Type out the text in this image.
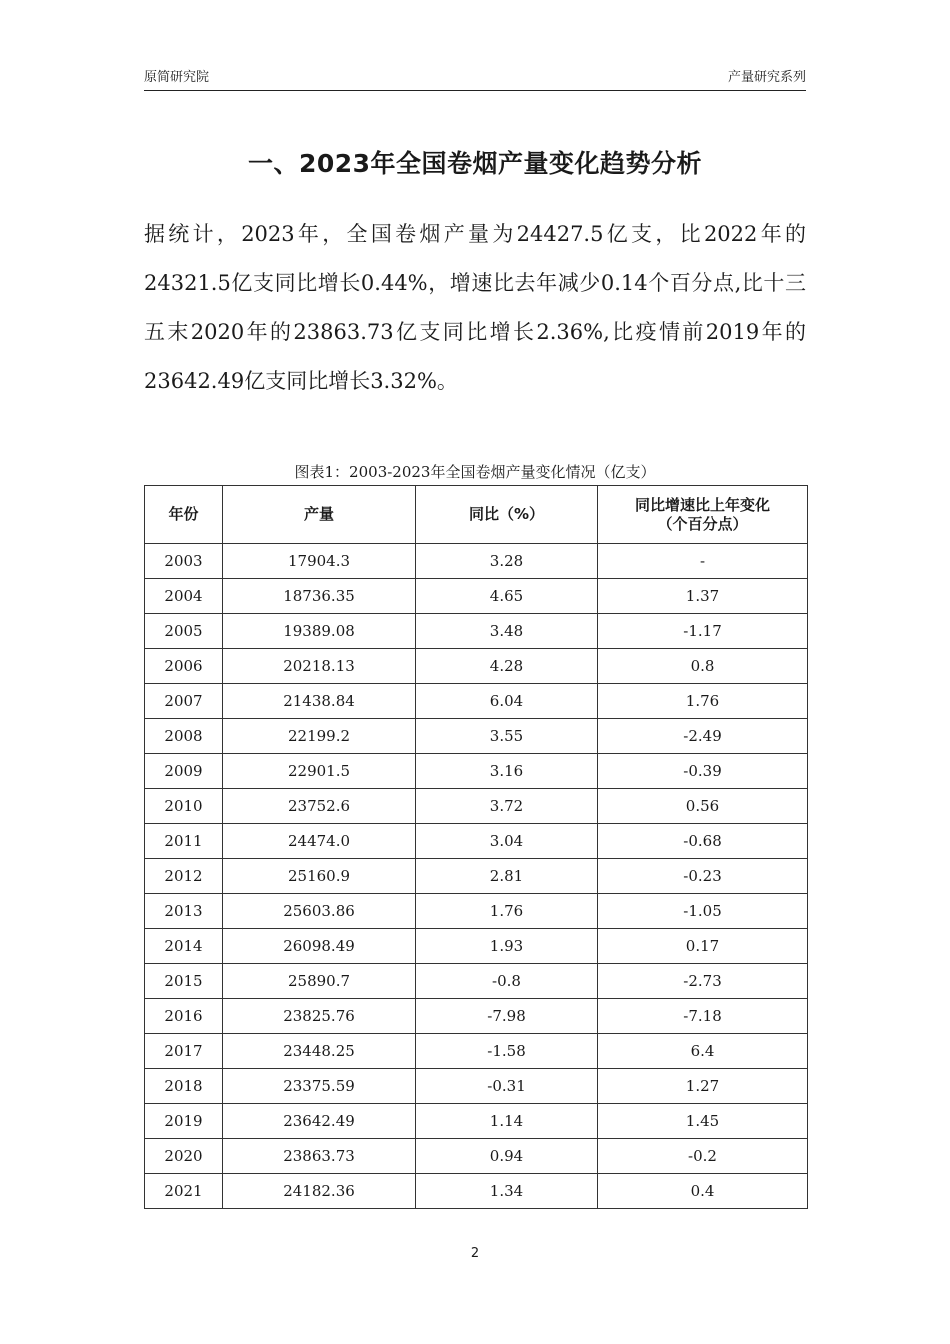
原简研究院	产量研究系列
一、2023年全国卷烟产量变化趋势分析

据统计，2023年，全国卷烟产量为24427.5亿支，比2022年的24321.5亿支同比增长0.44%，增速比去年减少0.14个百分点,比十三五末2020年的23863.73亿支同比增长2.36%,比疫情前2019年的23642.49亿支同比增长3.32%。

图表1：2003-2023年全国卷烟产量变化情况（亿支）
年份	产量	同比（%）	同比增速比上年变化
（个百分点）
2003	17904.3	3.28	-
2004	18736.35	4.65	1.37
2005	19389.08	3.48	-1.17
2006	20218.13	4.28	0.8
2007	21438.84	6.04	1.76
2008	22199.2	3.55	-2.49
2009	22901.5	3.16	-0.39
2010	23752.6	3.72	0.56
2011	24474.0	3.04	-0.68
2012	25160.9	2.81	-0.23
2013	25603.86	1.76	-1.05
2014	26098.49	1.93	0.17
2015	25890.7	-0.8	-2.73
2016	23825.76	-7.98	-7.18
2017	23448.25	-1.58	6.4
2018	23375.59	-0.31	1.27
2019	23642.49	1.14	1.45
2020	23863.73	0.94	-0.2
2021	24182.36	1.34	0.4
2
